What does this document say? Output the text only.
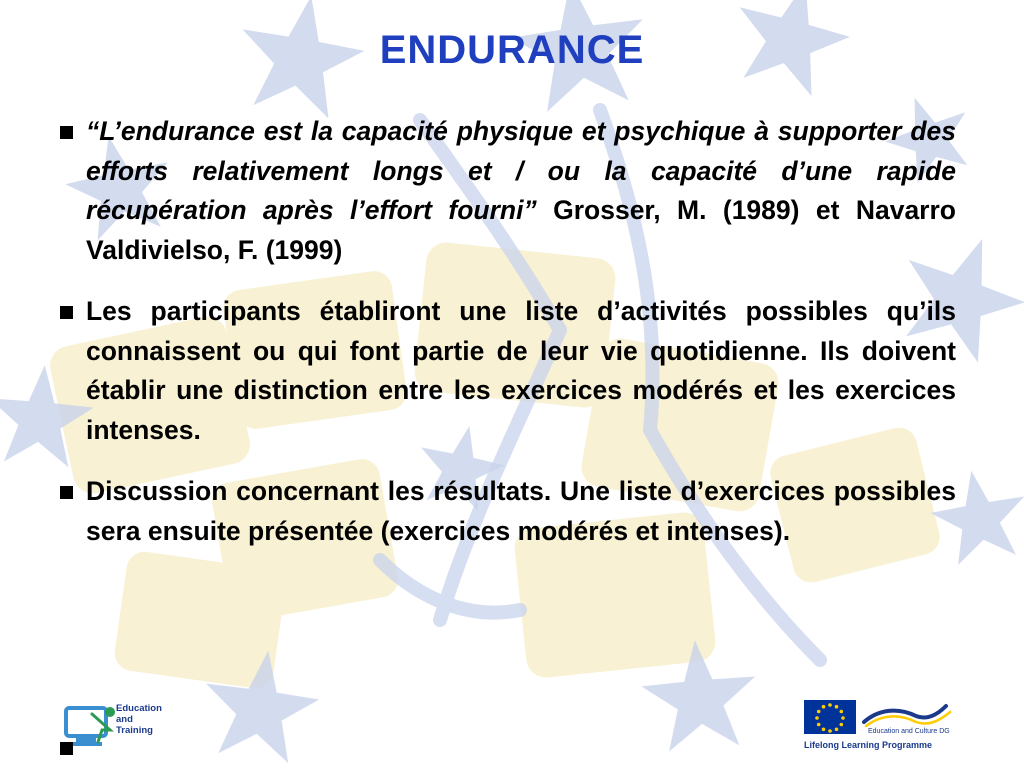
ENDURANCE
“L’endurance est la capacité physique et psychique à supporter des efforts relativement longs et / ou la capacité d’une rapide récupération après l’effort fourni” Grosser, M. (1989) et Navarro Valdivielso, F. (1999)
Les participants établiront une liste d’activités possibles qu’ils connaissent ou qui font partie de leur vie quotidienne. Ils doivent établir une distinction entre les exercices modérés et les exercices intenses.
Discussion concernant les résultats. Une liste d’exercices possibles sera ensuite présentée (exercices modérés et intenses).
Education
and
Training	Education and Culture DG
Lifelong Learning Programme
